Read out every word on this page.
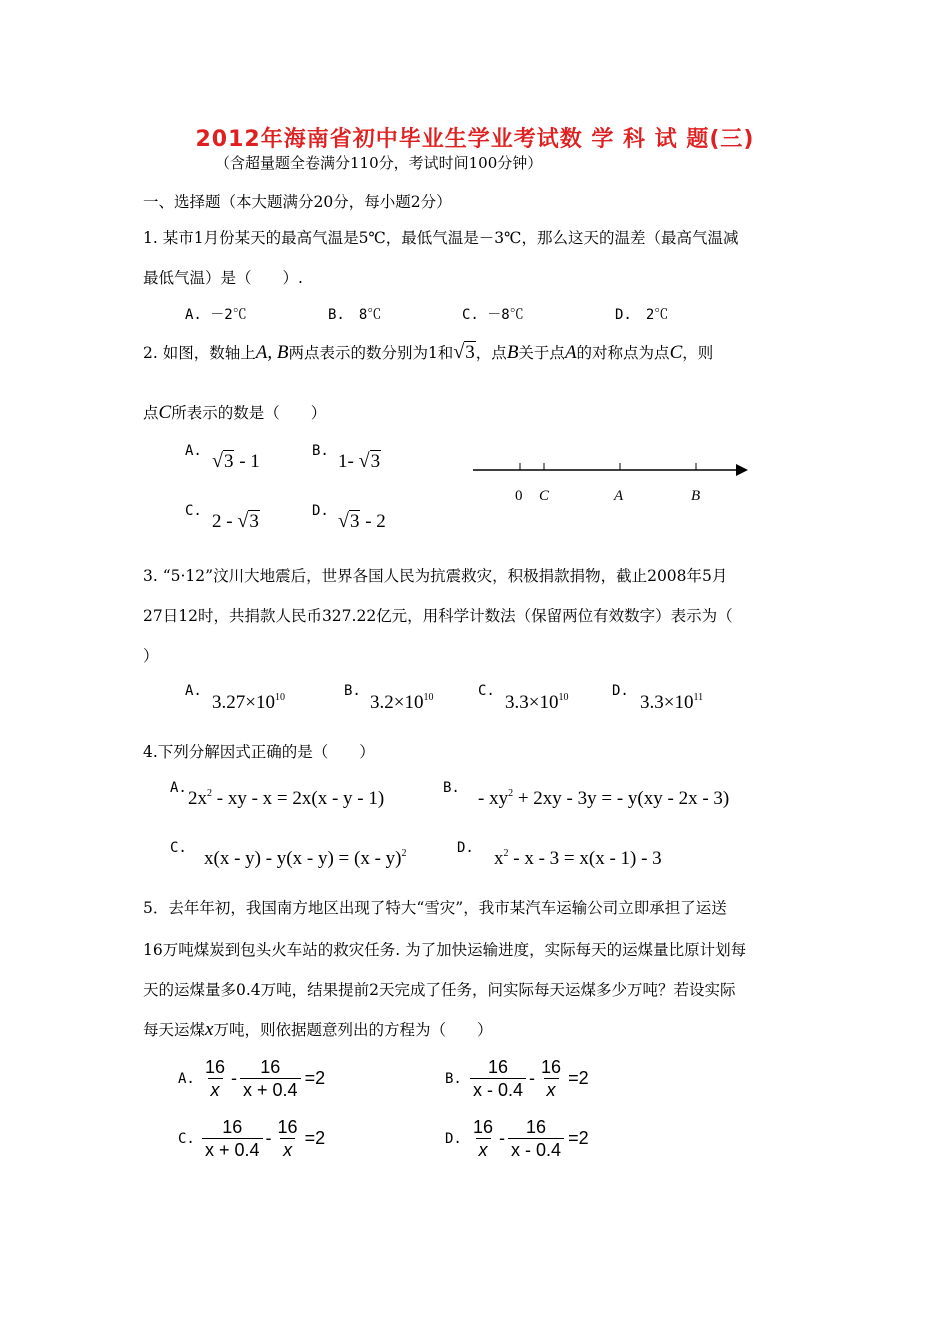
2012年海南省初中毕业生学业考试数 学 科 试 题(三)
（含超量题全卷满分110分，考试时间100分钟）
一、选择题（本大题满分20分，每小题2分）
1. 某市1月份某天的最高气温是5℃，最低气温是－3℃，那么这天的温差（最高气温减
最低气温）是（　　）.
A. －2℃	B.　8℃	C. －8℃	D.　2℃
2. 如图，数轴上A, B两点表示的数分别为1和√3，点B关于点A的对称点为点C，则
点C所表示的数是（　　）
A. √3 - 1	B. 1- √3
C. 2 - √3	D. √3 - 2
0 C	A	B
3. “5·12”汶川大地震后，世界各国人民为抗震救灾，积极捐款捐物，截止2008年5月
27日12时，共捐款人民币327.22亿元，用科学计数法（保留两位有效数字）表示为（
）
A.
$3.27\times 10^{10}$	B.
$3.2\times 10^{10}$	C.
$3.3\times 10^{10}$	D.
$3.3\times 10^{11}$
4.下列分解因式正确的是（　　）
A. $2x^2$ - xy - x = 2x(x - y - 1)	B. - $xy^2 + 2xy - 3y$ = - y(xy - 2x - 3)
C. x(x - y) - y(x - y) = (x - y)$^2$	D. $x^2 - x - 3 = x(x - 1) - 3$
5．去年年初，我国南方地区出现了特大“雪灾”，我市某汽车运输公司立即承担了运送
16万吨煤炭到包头火车站的救灾任务. 为了加快运输进度，实际每天的运煤量比原计划每
天的运煤量多0.4万吨，结果提前2天完成了任务，问实际每天运煤多少万吨？若设实际
每天运煤x万吨，则依据题意列出的方程为（　　）
A. $\frac{16}{x} - \frac{16}{x + 0.4} =2$	B. $\frac{16}{x - 0.4} - \frac{16}{x} =2$
C. $\frac{16}{x + 0.4} - \frac{16}{x} =2$	D. $\frac{16}{x} - \frac{16}{x - 0.4} =2$
